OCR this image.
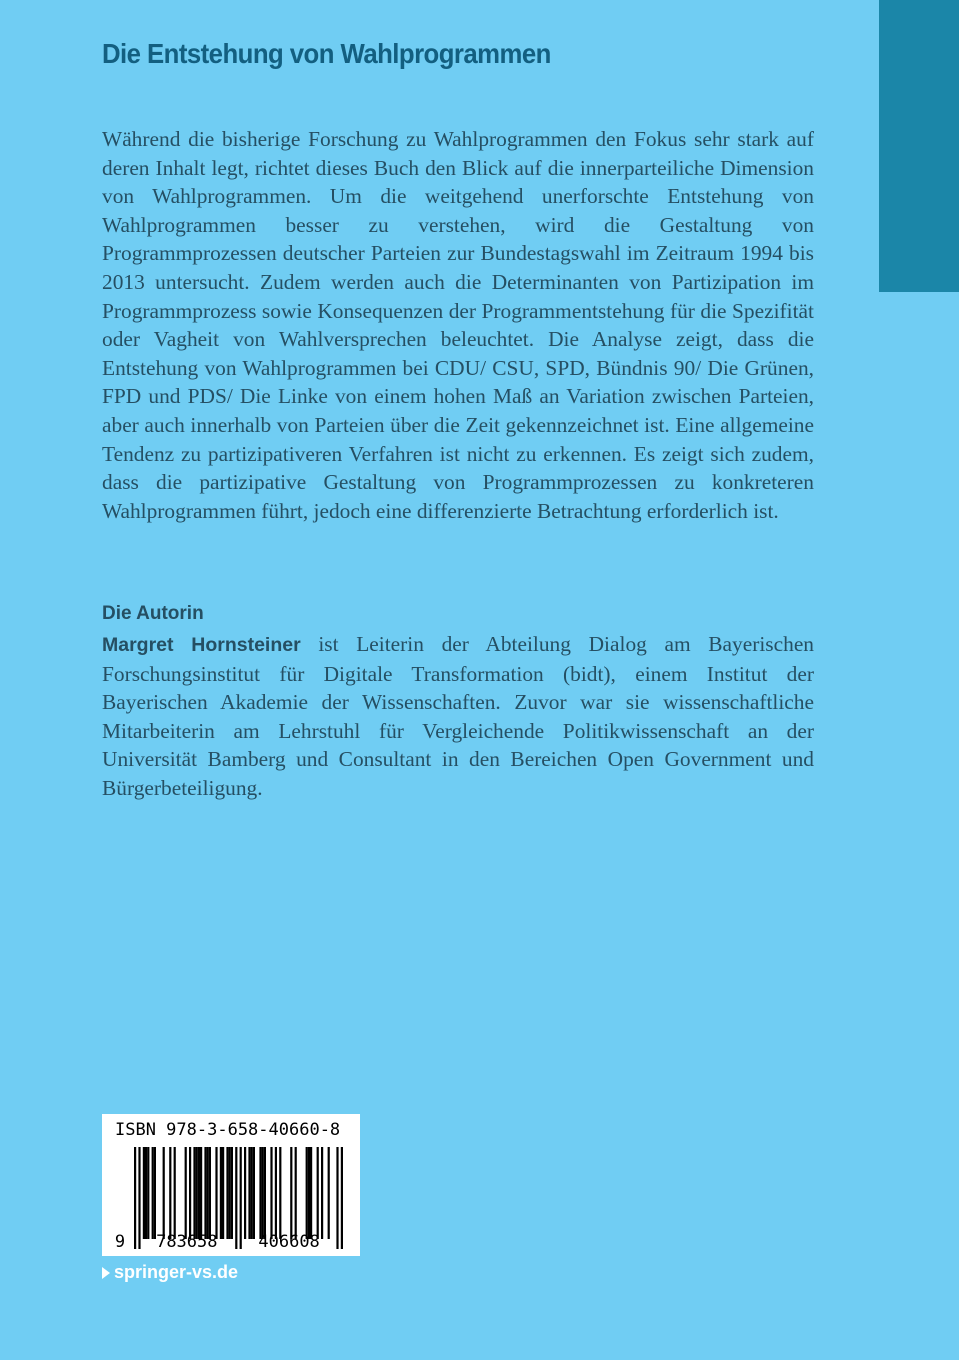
Die Entstehung von Wahlprogrammen

Während die bisherige Forschung zu Wahlprogrammen den Fokus sehr stark auf deren Inhalt legt, richtet dieses Buch den Blick auf die innerparteiliche Dimension von Wahlprogrammen. Um die weitgehend unerforschte Entstehung von Wahlprogrammen besser zu verstehen, wird die Gestaltung von Programmprozessen deutscher Parteien zur Bundestagswahl im Zeitraum 1994 bis 2013 untersucht. Zudem werden auch die Determinanten von Partizipation im Programmprozess sowie Konsequenzen der Programmentstehung für die Spezifität oder Vagheit von Wahlversprechen beleuchtet. Die Analyse zeigt, dass die Entstehung von Wahlprogrammen bei CDU/ CSU, SPD, Bündnis 90/ Die Grünen, FPD und PDS/ Die Linke von einem hohen Maß an Variation zwischen Parteien, aber auch innerhalb von Parteien über die Zeit gekennzeichnet ist. Eine allgemeine Tendenz zu partizipativeren Verfahren ist nicht zu erkennen. Es zeigt sich zudem, dass die partizipative Gestaltung von Programmprozessen zu konkreteren Wahlprogrammen führt, jedoch eine differenzierte Betrachtung erforderlich ist.

Die Autorin

Margret Hornsteiner ist Leiterin der Abteilung Dialog am Bayerischen Forschungsinstitut für Digitale Transformation (bidt), einem Institut der Bayerischen Akademie der Wissenschaften. Zuvor war sie wissenschaftliche Mitarbeiterin am Lehrstuhl für Vergleichende Politikwissenschaft an der Universität Bamberg und Consultant in den Bereichen Open Government und Bürgerbeteiligung.

ISBN 978-3-658-40660-8
9 783658 406608
springer-vs.de
